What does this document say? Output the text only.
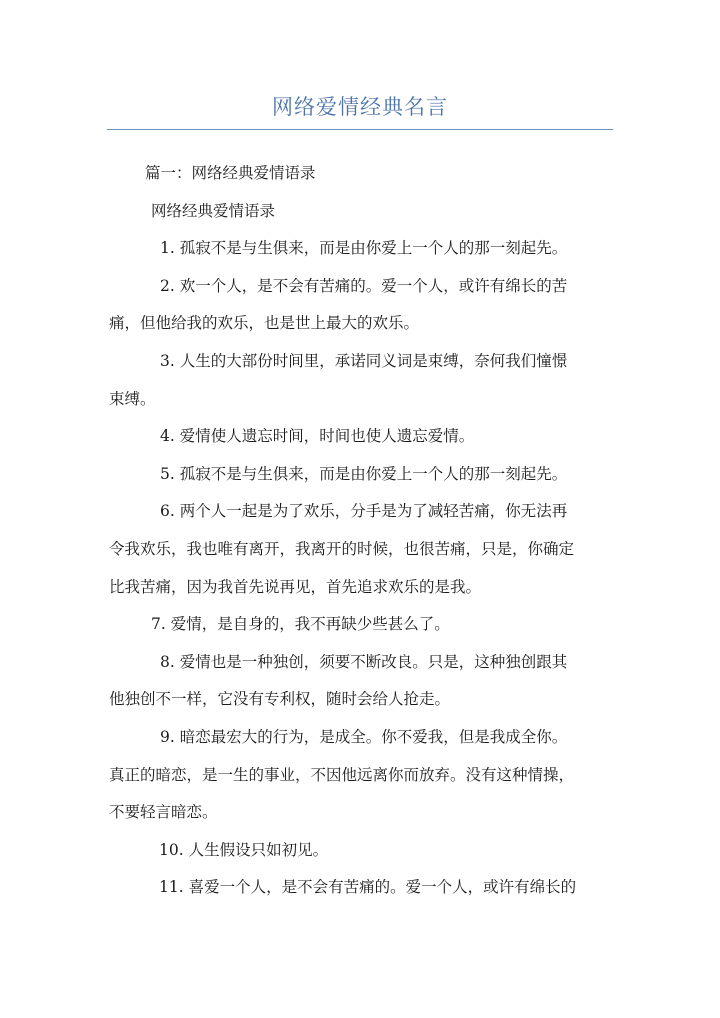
网络爱情经典名言

篇一：网络经典爱情语录

网络经典爱情语录

1. 孤寂不是与生俱来，而是由你爱上一个人的那一刻起先。

2. 欢一个人，是不会有苦痛的。爱一个人，或许有绵长的苦

痛，但他给我的欢乐，也是世上最大的欢乐。

3. 人生的大部份时间里，承诺同义词是束缚，奈何我们憧憬

束缚。

4. 爱情使人遗忘时间，时间也使人遗忘爱情。

5. 孤寂不是与生俱来，而是由你爱上一个人的那一刻起先。

6. 两个人一起是为了欢乐，分手是为了减轻苦痛，你无法再

令我欢乐，我也唯有离开，我离开的时候，也很苦痛，只是，你确定

比我苦痛，因为我首先说再见，首先追求欢乐的是我。

7. 爱情，是自身的，我不再缺少些甚么了。

8. 爱情也是一种独创，须要不断改良。只是，这种独创跟其

他独创不一样，它没有专利权，随时会给人抢走。

9. 暗恋最宏大的行为，是成全。你不爱我，但是我成全你。

真正的暗恋，是一生的事业，不因他远离你而放弃。没有这种情操，

不要轻言暗恋。

10. 人生假设只如初见。

11. 喜爱一个人，是不会有苦痛的。爱一个人，或许有绵长的
